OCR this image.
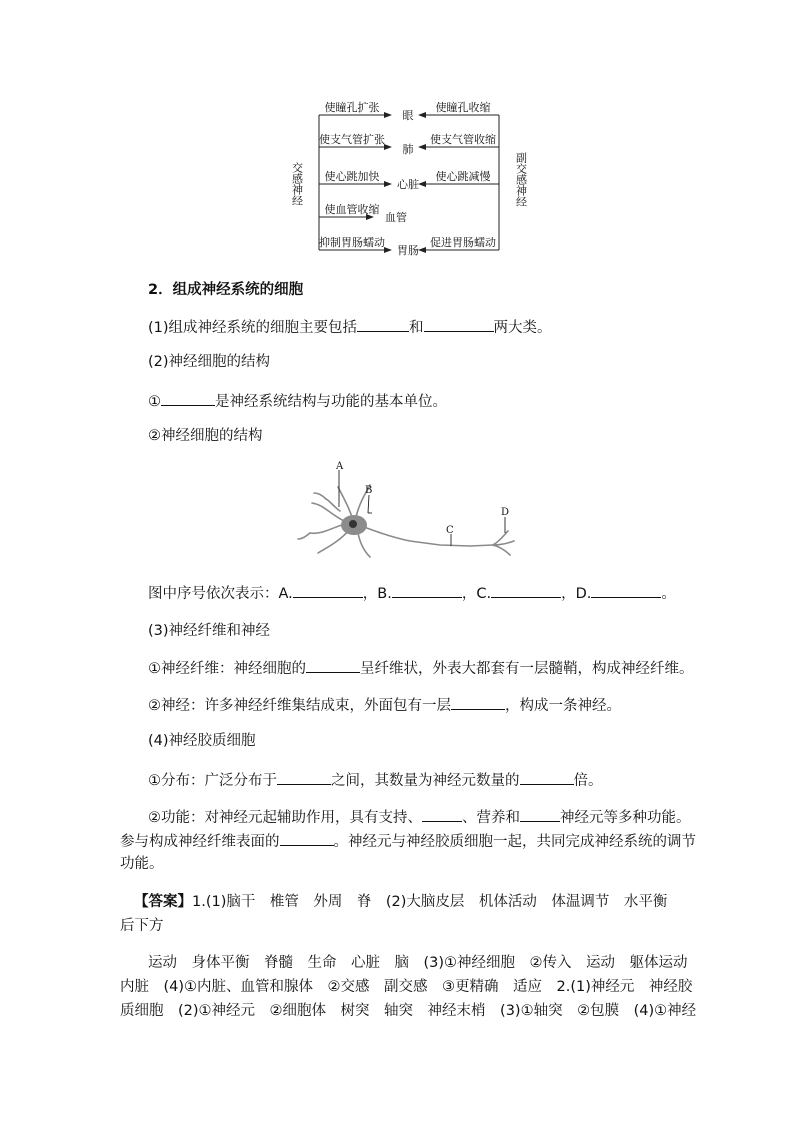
使瞳孔扩张
眼
使瞳孔收缩
使支气管扩张
肺
使支气管收缩
使心跳加快
心脏
使心跳减慢
使血管收缩
血管
抑制胃肠蠕动
胃肠
促进胃肠蠕动
交感神经	副交感神经
2．组成神经系统的细胞
(1)组成神经系统的细胞主要包括	和	两大类。
(2)神经细胞的结构
①	是神经系统结构与功能的基本单位。
②神经细胞的结构
A
B
C
D
图中序号依次表示：A.	，B.	，C.	，D.	。
(3)神经纤维和神经
①神经纤维：神经细胞的	呈纤维状，外表大都套有一层髓鞘，构成神经纤维。
②神经：许多神经纤维集结成束，外面包有一层	，构成一条神经。
(4)神经胶质细胞
①分布：广泛分布于	之间，其数量为神经元数量的	倍。
②功能：对神经元起辅助作用，具有支持、	、营养和	神经元等多种功能。
参与构成神经纤维表面的	。神经元与神经胶质细胞一起，共同完成神经系统的调节
功能。
【答案】1.(1)脑干　椎管　外周　脊　(2)大脑皮层　机体活动　体温调节　水平衡
后下方
运动　身体平衡　脊髓　生命　心脏　脑　(3)①神经细胞　②传入　运动　躯体运动
内脏　(4)①内脏、血管和腺体　②交感　副交感　③更精确　适应　2.(1)神经元　神经胶
质细胞　(2)①神经元　②细胞体　树突　轴突　神经末梢　(3)①轴突　②包膜　(4)①神经
